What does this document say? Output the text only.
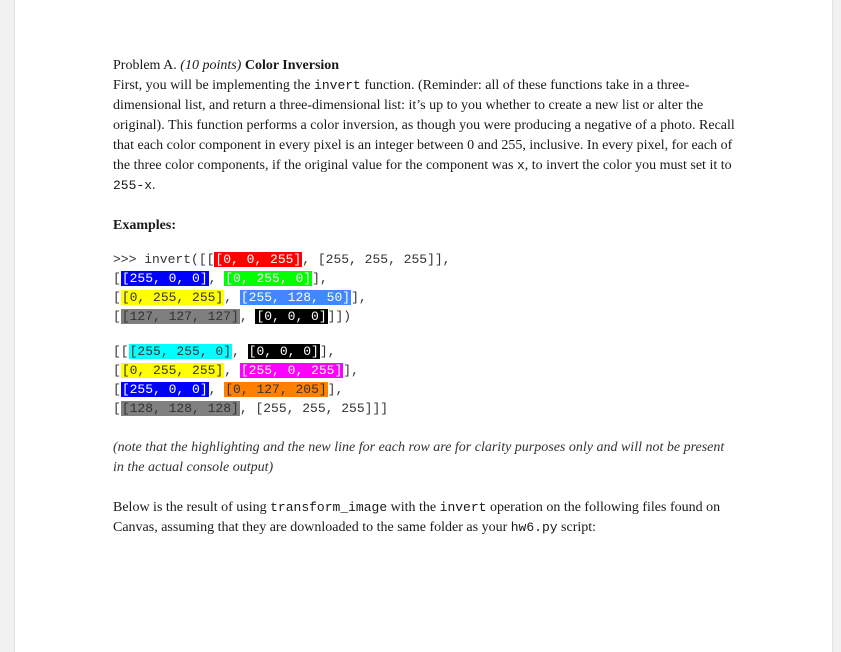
Problem A. (10 points) Color Inversion

First, you will be implementing the invert function. (Reminder: all of these functions take in a three-dimensional list, and return a three-dimensional list: it’s up to you whether to create a new list or alter the original). This function performs a color inversion, as though you were producing a negative of a photo. Recall that each color component in every pixel is an integer between 0 and 255, inclusive. In every pixel, for each of the three color components, if the original value for the component was x, to invert the color you must set it to 255-x.

Examples:
>>> invert([[[0, 0, 255], [255, 255, 255]],
[[255, 0, 0], [0, 255, 0]],
[[0, 255, 255], [255, 128, 50]],
[[127, 127, 127], [0, 0, 0]]])
[[[255, 255, 0], [0, 0, 0]],
[[0, 255, 255], [255, 0, 255]],
[[255, 0, 0], [0, 127, 205]],
[[128, 128, 128], [255, 255, 255]]]
(note that the highlighting and the new line for each row are for clarity purposes only and will not be present in the actual console output)

Below is the result of using transform_image with the invert operation on the following files found on Canvas, assuming that they are downloaded to the same folder as your hw6.py script:
